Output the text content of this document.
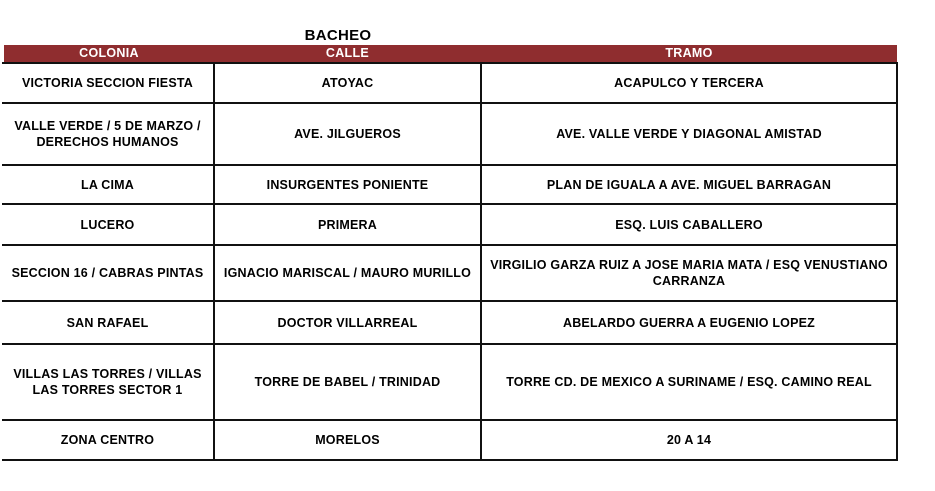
BACHEO
COLONIA	CALLE	TRAMO
VICTORIA SECCION FIESTA	ATOYAC	ACAPULCO Y TERCERA
VALLE VERDE / 5 DE MARZO / DERECHOS HUMANOS	AVE. JILGUEROS	AVE. VALLE VERDE Y DIAGONAL AMISTAD
LA CIMA	INSURGENTES PONIENTE	PLAN DE IGUALA A AVE. MIGUEL BARRAGAN
LUCERO	PRIMERA	ESQ. LUIS CABALLERO
SECCION 16 / CABRAS PINTAS	IGNACIO MARISCAL / MAURO MURILLO	VIRGILIO GARZA RUIZ A JOSE MARIA MATA / ESQ VENUSTIANO CARRANZA
SAN RAFAEL	DOCTOR VILLARREAL	ABELARDO GUERRA A EUGENIO LOPEZ
VILLAS LAS TORRES / VILLAS LAS TORRES SECTOR 1	TORRE DE BABEL / TRINIDAD	TORRE CD. DE MEXICO A SURINAME / ESQ. CAMINO REAL
ZONA CENTRO	MORELOS	20 A 14
